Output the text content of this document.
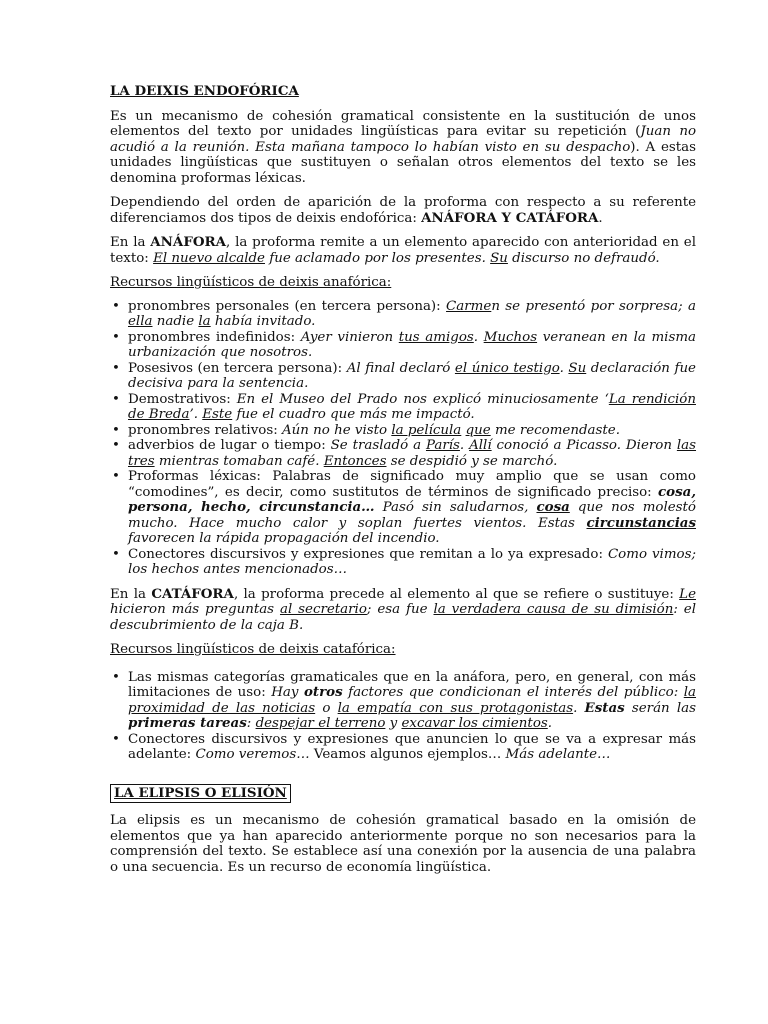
LA DEIXIS ENDOFÓRICA

Es un mecanismo de cohesión gramatical consistente en la sustitución de unos elementos del texto por unidades lingüísticas para evitar su repetición (Juan no acudió a la reunión. Esta mañana tampoco lo habían visto en su despacho). A estas unidades lingüísticas que sustituyen o señalan otros elementos del texto se les denomina proformas léxicas.

Dependiendo del orden de aparición de la proforma con respecto a su referente diferenciamos dos tipos de deixis endofórica: ANÁFORA Y CATÁFORA.

En la ANÁFORA, la proforma remite a un elemento aparecido con anterioridad en el texto: El nuevo alcalde fue aclamado por los presentes. Su discurso no defraudó.

Recursos lingüísticos de deixis anafórica:

• pronombres personales (en tercera persona): Carmen se presentó por sorpresa; a ella nadie la había invitado.
• pronombres indefinidos: Ayer vinieron tus amigos. Muchos veranean en la misma urbanización que nosotros.
• Posesivos (en tercera persona): Al final declaró el único testigo. Su declaración fue decisiva para la sentencia.
• Demostrativos: En el Museo del Prado nos explicó minuciosamente ‘La rendición de Breda’. Este fue el cuadro que más me impactó.
• pronombres relativos: Aún no he visto la película que me recomendaste.
• adverbios de lugar o tiempo: Se trasladó a París. Allí conoció a Picasso. Dieron las tres mientras tomaban café. Entonces se despidió y se marchó.
• Proformas léxicas: Palabras de significado muy amplio que se usan como “comodines”, es decir, como sustitutos de términos de significado preciso: cosa, persona, hecho, circunstancia… Pasó sin saludarnos, cosa que nos molestó mucho. Hace mucho calor y soplan fuertes vientos. Estas circunstancias favorecen la rápida propagación del incendio.
• Conectores discursivos y expresiones que remitan a lo ya expresado: Como vimos; los hechos antes mencionados…

En la CATÁFORA, la proforma precede al elemento al que se refiere o sustituye: Le hicieron más preguntas al secretario; esa fue la verdadera causa de su dimisión: el descubrimiento de la caja B.

Recursos lingüísticos de deixis catafórica:

• Las mismas categorías gramaticales que en la anáfora, pero, en general, con más limitaciones de uso: Hay otros factores que condicionan el interés del público: la proximidad de las noticias o la empatía con sus protagonistas. Estas serán las primeras tareas: despejar el terreno y excavar los cimientos.
• Conectores discursivos y expresiones que anuncien lo que se va a expresar más adelante: Como veremos… Veamos algunos ejemplos… Más adelante…
LA ELIPSIS O ELISIÓN

La elipsis es un mecanismo de cohesión gramatical basado en la omisión de elementos que ya han aparecido anteriormente porque no son necesarios para la comprensión del texto. Se establece así una conexión por la ausencia de una palabra o una secuencia. Es un recurso de economía lingüística.
